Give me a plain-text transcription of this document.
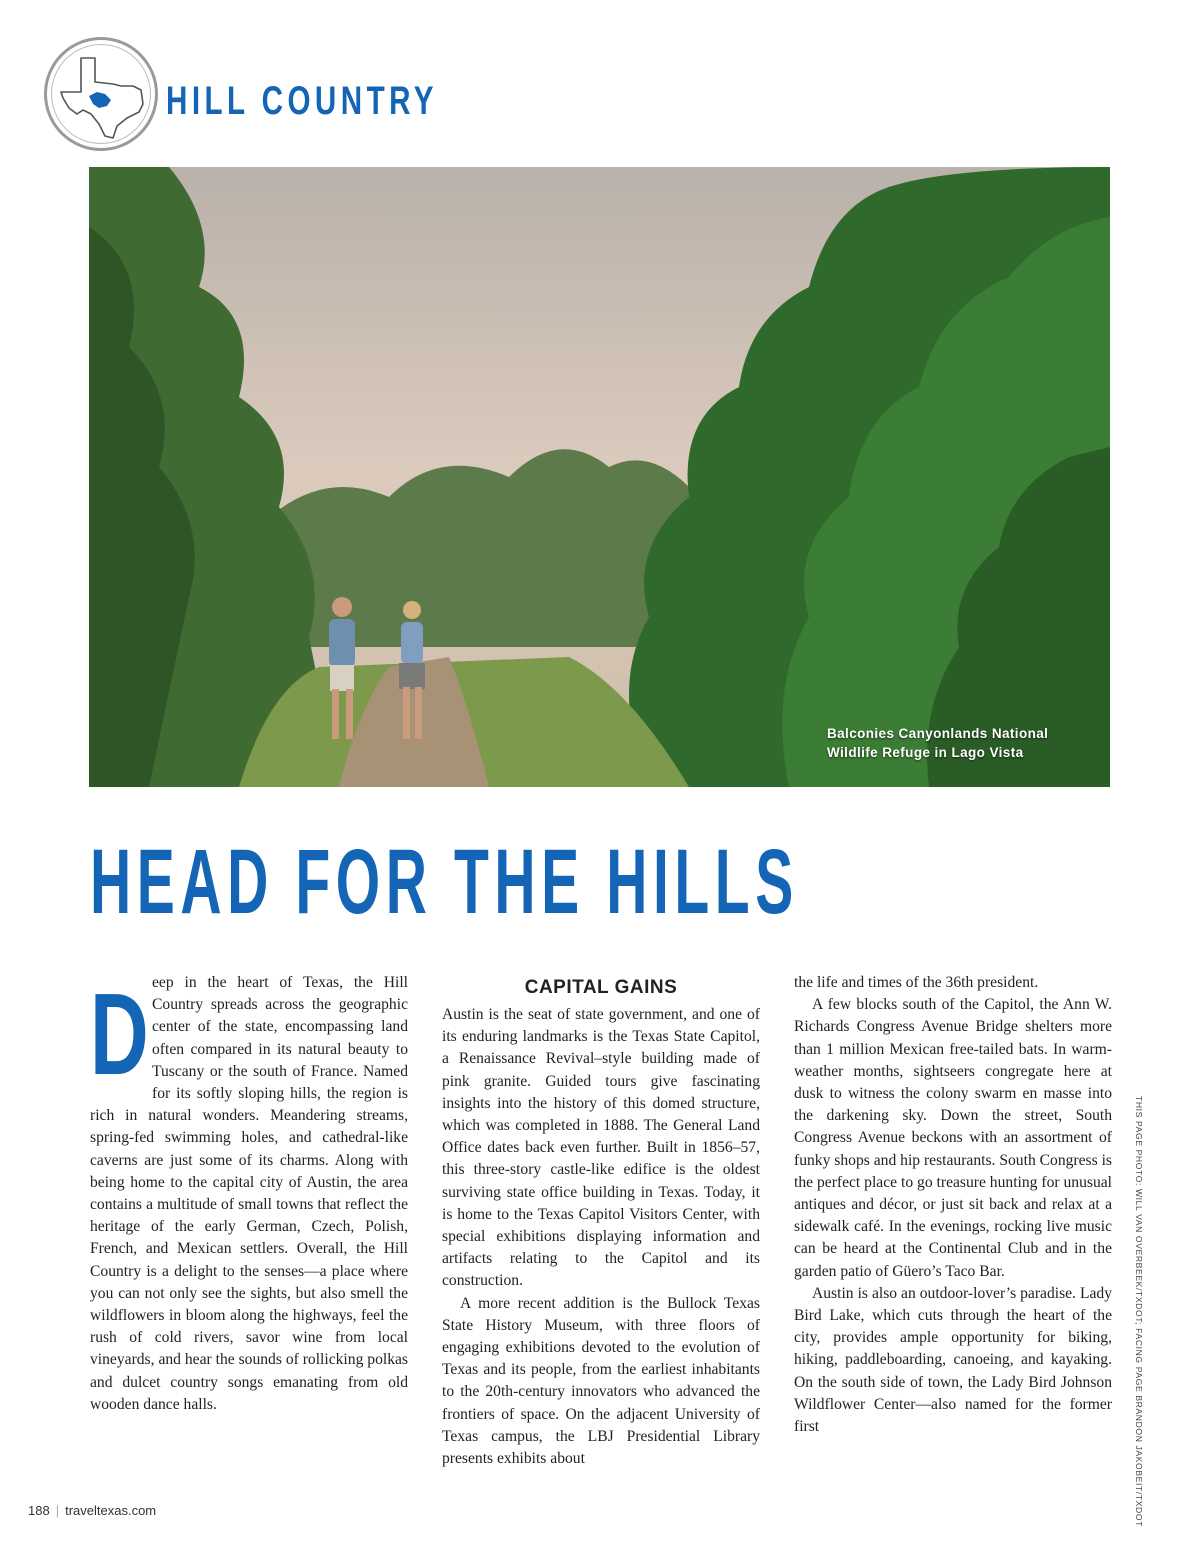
HILL COUNTRY
Balconies Canyonlands National Wildlife Refuge in Lago Vista
HEAD FOR THE HILLS
D eep in the heart of Texas, the Hill Country spreads across the geographic center of the state, encompassing land often compared in its natural beauty to Tuscany or the south of France. Named for its softly sloping hills, the region is rich in natural wonders. Meandering streams, spring-fed swimming holes, and cathedral-like caverns are just some of its charms. Along with being home to the capital city of Austin, the area contains a multitude of small towns that reflect the heritage of the early German, Czech, Polish, French, and Mexican settlers. Overall, the Hill Country is a delight to the senses—a place where you can not only see the sights, but also smell the wildflowers in bloom along the highways, feel the rush of cold rivers, savor wine from local vineyards, and hear the sounds of rollicking polkas and dulcet country songs emanating from old wooden dance halls.

CAPITAL GAINS

Austin is the seat of state government, and one of its enduring landmarks is the Texas State Capitol, a Renaissance Revival–style building made of pink granite. Guided tours give fascinating insights into the history of this domed structure, which was completed in 1888. The General Land Office dates back even further. Built in 1856–57, this three-story castle-like edifice is the oldest surviving state office building in Texas. Today, it is home to the Texas Capitol Visitors Center, with special exhibitions displaying information and artifacts relating to the Capitol and its construction.

A more recent addition is the Bullock Texas State History Museum, with three floors of engaging exhibitions devoted to the evolution of Texas and its people, from the earliest inhabitants to the 20th-century innovators who advanced the frontiers of space. On the adjacent University of Texas campus, the LBJ Presidential Library presents exhibits about

the life and times of the 36th president.

A few blocks south of the Capitol, the Ann W. Richards Congress Avenue Bridge shelters more than 1 million Mexican free-tailed bats. In warm-weather months, sightseers congregate here at dusk to witness the colony swarm en masse into the darkening sky. Down the street, South Congress Avenue beckons with an assortment of funky shops and hip restaurants. South Congress is the perfect place to go treasure hunting for unusual antiques and décor, or just sit back and relax at a sidewalk café. In the evenings, rocking live music can be heard at the Continental Club and in the garden patio of Güero’s Taco Bar.

Austin is also an outdoor-lover’s paradise. Lady Bird Lake, which cuts through the heart of the city, provides ample opportunity for biking, hiking, paddleboarding, canoeing, and kayaking. On the south side of town, the Lady Bird Johnson Wildflower Center—also named for the former first	THIS PAGE PHOTO: WILL VAN OVERBEEK/TXDOT; FACING PAGE BRANDON JAKOBEIT/TXDOT
188 | traveltexas.com
